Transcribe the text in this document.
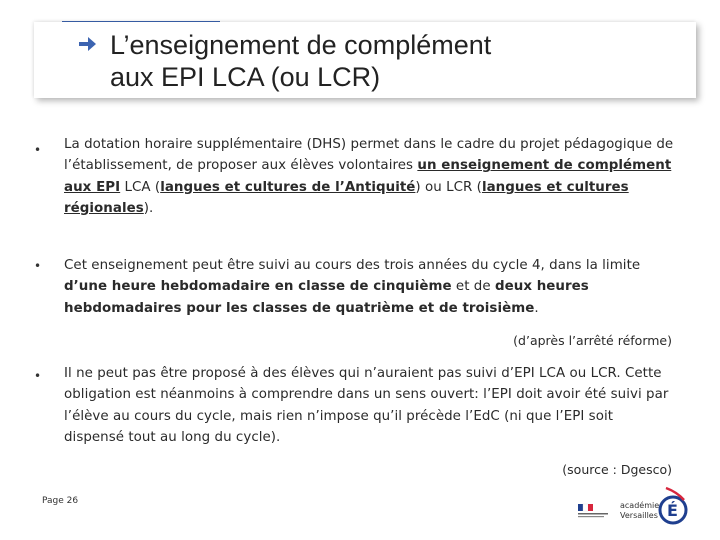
L’enseignement de complément
aux EPI LCA (ou LCR)
• La dotation horaire supplémentaire (DHS) permet dans le cadre du projet pédagogique de l’établissement, de proposer aux élèves volontaires un enseignement de complément aux EPI LCA (langues et cultures de l’Antiquité) ou LCR (langues et cultures régionales).
• Cet enseignement peut être suivi au cours des trois années du cycle 4, dans la limite d’une heure hebdomadaire en classe de cinquième et de deux heures hebdomadaires pour les classes de quatrième et de troisième.
(d’après l’arrêté réforme)
• Il ne peut pas être proposé à des élèves qui n’auraient pas suivi d’EPI LCA ou LCR. Cette obligation est néanmoins à comprendre dans un sens ouvert: l’EPI doit avoir été suivi par l’élève au cours du cycle, mais rien n’impose qu’il précède l’EdC (ni que l’EPI soit dispensé tout au long du cycle).
(source : Dgesco)
Page 26	académie
Versailles É
